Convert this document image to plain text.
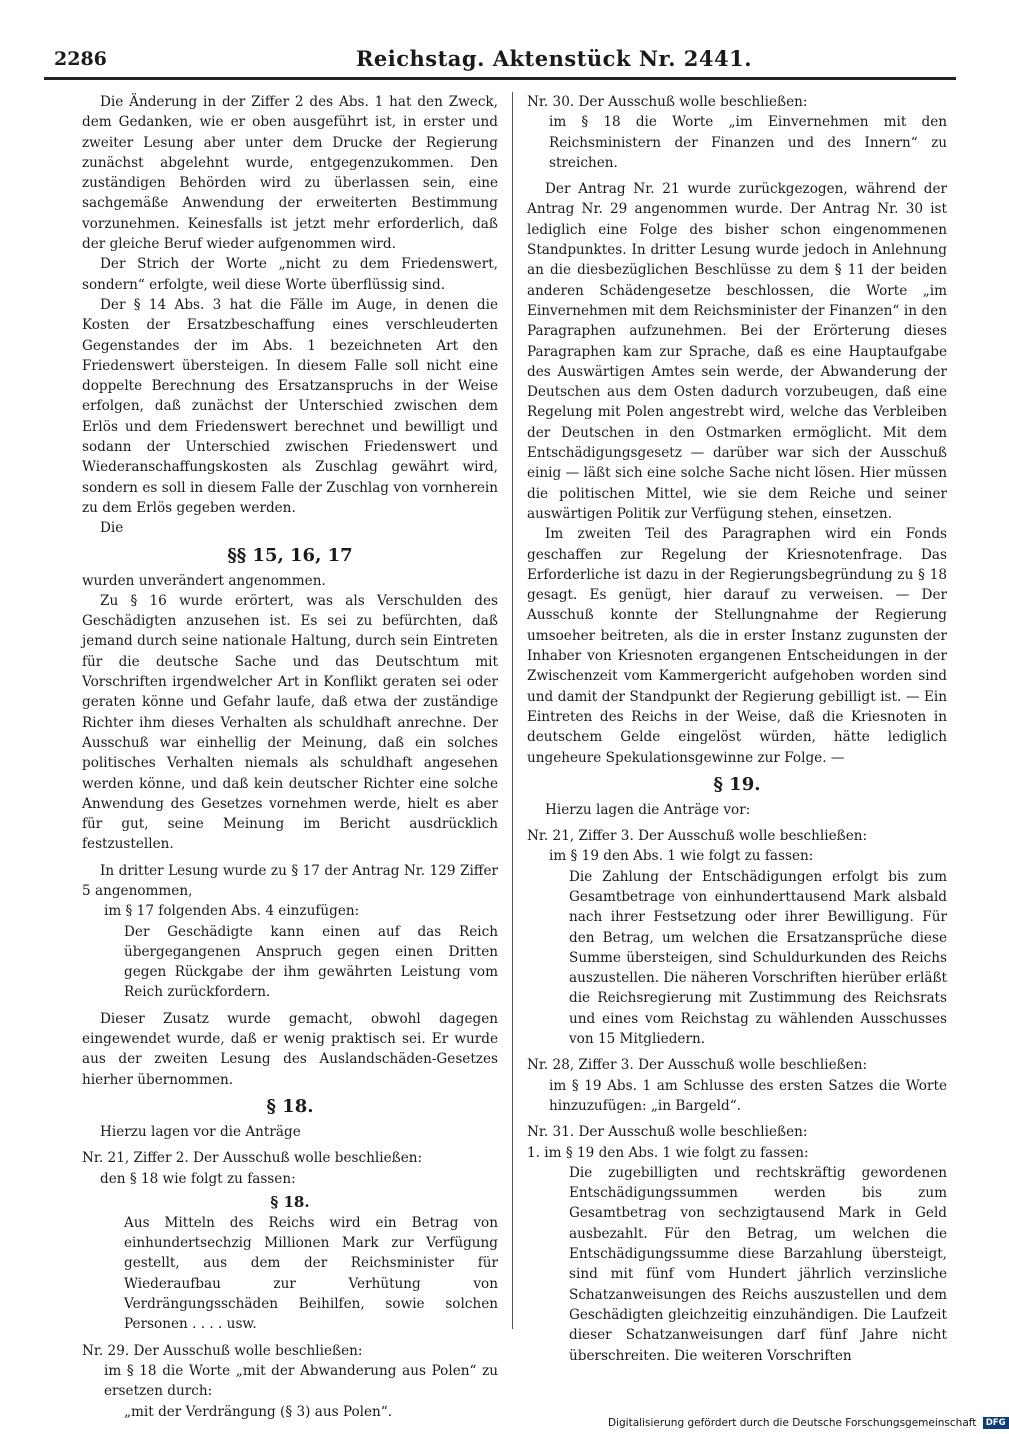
2286	Reichstag. Aktenstück Nr. 2441.

Die Änderung in der Ziffer 2 des Abs. 1 hat den Zweck, dem Gedanken, wie er oben ausgeführt ist, in erster und zweiter Lesung aber unter dem Drucke der Regierung zunächst abgelehnt wurde, entgegenzukommen. Den zuständigen Behörden wird zu überlassen sein, eine sachgemäße Anwendung der erweiterten Bestimmung vorzunehmen. Keinesfalls ist jetzt mehr erforderlich, daß der gleiche Beruf wieder aufgenommen wird.

Der Strich der Worte „nicht zu dem Friedenswert, sondern“ erfolgte, weil diese Worte überflüssig sind.

Der § 14 Abs. 3 hat die Fälle im Auge, in denen die Kosten der Ersatzbeschaffung eines verschleuderten Gegenstandes der im Abs. 1 bezeichneten Art den Friedenswert übersteigen. In diesem Falle soll nicht eine doppelte Berechnung des Ersatzanspruchs in der Weise erfolgen, daß zunächst der Unterschied zwischen dem Erlös und dem Friedenswert berechnet und bewilligt und sodann der Unterschied zwischen Friedenswert und Wiederanschaffungskosten als Zuschlag gewährt wird, sondern es soll in diesem Falle der Zuschlag von vornherein zu dem Erlös gegeben werden.

Die

§§ 15, 16, 17

wurden unverändert angenommen.

Zu § 16 wurde erörtert, was als Verschulden des Geschädigten anzusehen ist. Es sei zu befürchten, daß jemand durch seine nationale Haltung, durch sein Eintreten für die deutsche Sache und das Deutschtum mit Vorschriften irgendwelcher Art in Konflikt geraten sei oder geraten könne und Gefahr laufe, daß etwa der zuständige Richter ihm dieses Verhalten als schuldhaft anrechne. Der Ausschuß war einhellig der Meinung, daß ein solches politisches Verhalten niemals als schuldhaft angesehen werden könne, und daß kein deutscher Richter eine solche Anwendung des Gesetzes vornehmen werde, hielt es aber für gut, seine Meinung im Bericht ausdrücklich festzustellen.

In dritter Lesung wurde zu § 17 der Antrag Nr. 129 Ziffer 5 angenommen,

im § 17 folgenden Abs. 4 einzufügen:

Der Geschädigte kann einen auf das Reich übergegangenen Anspruch gegen einen Dritten gegen Rückgabe der ihm gewährten Leistung vom Reich zurückfordern.

Dieser Zusatz wurde gemacht, obwohl dagegen eingewendet wurde, daß er wenig praktisch sei. Er wurde aus der zweiten Lesung des Auslandschäden-Gesetzes hierher übernommen.

§ 18.

Hierzu lagen vor die Anträge

Nr. 21, Ziffer 2. Der Ausschuß wolle beschließen:

den § 18 wie folgt zu fassen:

§ 18.

Aus Mitteln des Reichs wird ein Betrag von einhundertsechzig Millionen Mark zur Verfügung gestellt, aus dem der Reichsminister für Wiederaufbau zur Verhütung von Verdrängungsschäden Beihilfen, sowie solchen Personen . . . . usw.

Nr. 29. Der Ausschuß wolle beschließen:

im § 18 die Worte „mit der Abwanderung aus Polen“ zu ersetzen durch:

„mit der Verdrängung (§ 3) aus Polen“.

Nr. 30. Der Ausschuß wolle beschließen:

im § 18 die Worte „im Einvernehmen mit den Reichsministern der Finanzen und des Innern“ zu streichen.

Der Antrag Nr. 21 wurde zurückgezogen, während der Antrag Nr. 29 angenommen wurde. Der Antrag Nr. 30 ist lediglich eine Folge des bisher schon eingenommenen Standpunktes. In dritter Lesung wurde jedoch in Anlehnung an die diesbezüglichen Beschlüsse zu dem § 11 der beiden anderen Schädengesetze beschlossen, die Worte „im Einvernehmen mit dem Reichsminister der Finanzen“ in den Paragraphen aufzunehmen. Bei der Erörterung dieses Paragraphen kam zur Sprache, daß es eine Hauptaufgabe des Auswärtigen Amtes sein werde, der Abwanderung der Deutschen aus dem Osten dadurch vorzubeugen, daß eine Regelung mit Polen angestrebt wird, welche das Verbleiben der Deutschen in den Ostmarken ermöglicht. Mit dem Entschädigungsgesetz — darüber war sich der Ausschuß einig — läßt sich eine solche Sache nicht lösen. Hier müssen die politischen Mittel, wie sie dem Reiche und seiner auswärtigen Politik zur Verfügung stehen, einsetzen.

Im zweiten Teil des Paragraphen wird ein Fonds geschaffen zur Regelung der Kriesnotenfrage. Das Erforderliche ist dazu in der Regierungsbegründung zu § 18 gesagt. Es genügt, hier darauf zu verweisen. — Der Ausschuß konnte der Stellungnahme der Regierung umsoeher beitreten, als die in erster Instanz zugunsten der Inhaber von Kriesnoten ergangenen Entscheidungen in der Zwischenzeit vom Kammergericht aufgehoben worden sind und damit der Standpunkt der Regierung gebilligt ist. — Ein Eintreten des Reichs in der Weise, daß die Kriesnoten in deutschem Gelde eingelöst würden, hätte lediglich ungeheure Spekulationsgewinne zur Folge. —

§ 19.

Hierzu lagen die Anträge vor:

Nr. 21, Ziffer 3. Der Ausschuß wolle beschließen:

im § 19 den Abs. 1 wie folgt zu fassen:

Die Zahlung der Entschädigungen erfolgt bis zum Gesamtbetrage von einhunderttausend Mark alsbald nach ihrer Festsetzung oder ihrer Bewilligung. Für den Betrag, um welchen die Ersatzansprüche diese Summe übersteigen, sind Schuldurkunden des Reichs auszustellen. Die näheren Vorschriften hierüber erläßt die Reichsregierung mit Zustimmung des Reichsrats und eines vom Reichstag zu wählenden Ausschusses von 15 Mitgliedern.

Nr. 28, Ziffer 3. Der Ausschuß wolle beschließen:

im § 19 Abs. 1 am Schlusse des ersten Satzes die Worte hinzuzufügen: „in Bargeld“.

Nr. 31. Der Ausschuß wolle beschließen:

1. im § 19 den Abs. 1 wie folgt zu fassen:

Die zugebilligten und rechtskräftig gewordenen Entschädigungssummen werden bis zum Gesamtbetrag von sechzigtausend Mark in Geld ausbezahlt. Für den Betrag, um welchen die Entschädigungssumme diese Barzahlung übersteigt, sind mit fünf vom Hundert jährlich verzinsliche Schatzanweisungen des Reichs auszustellen und dem Geschädigten gleichzeitig einzuhändigen. Die Laufzeit dieser Schatzanweisungen darf fünf Jahre nicht überschreiten. Die weiteren Vorschriften

Digitalisierung gefördert durch die Deutsche Forschungsgemeinschaft DFG
